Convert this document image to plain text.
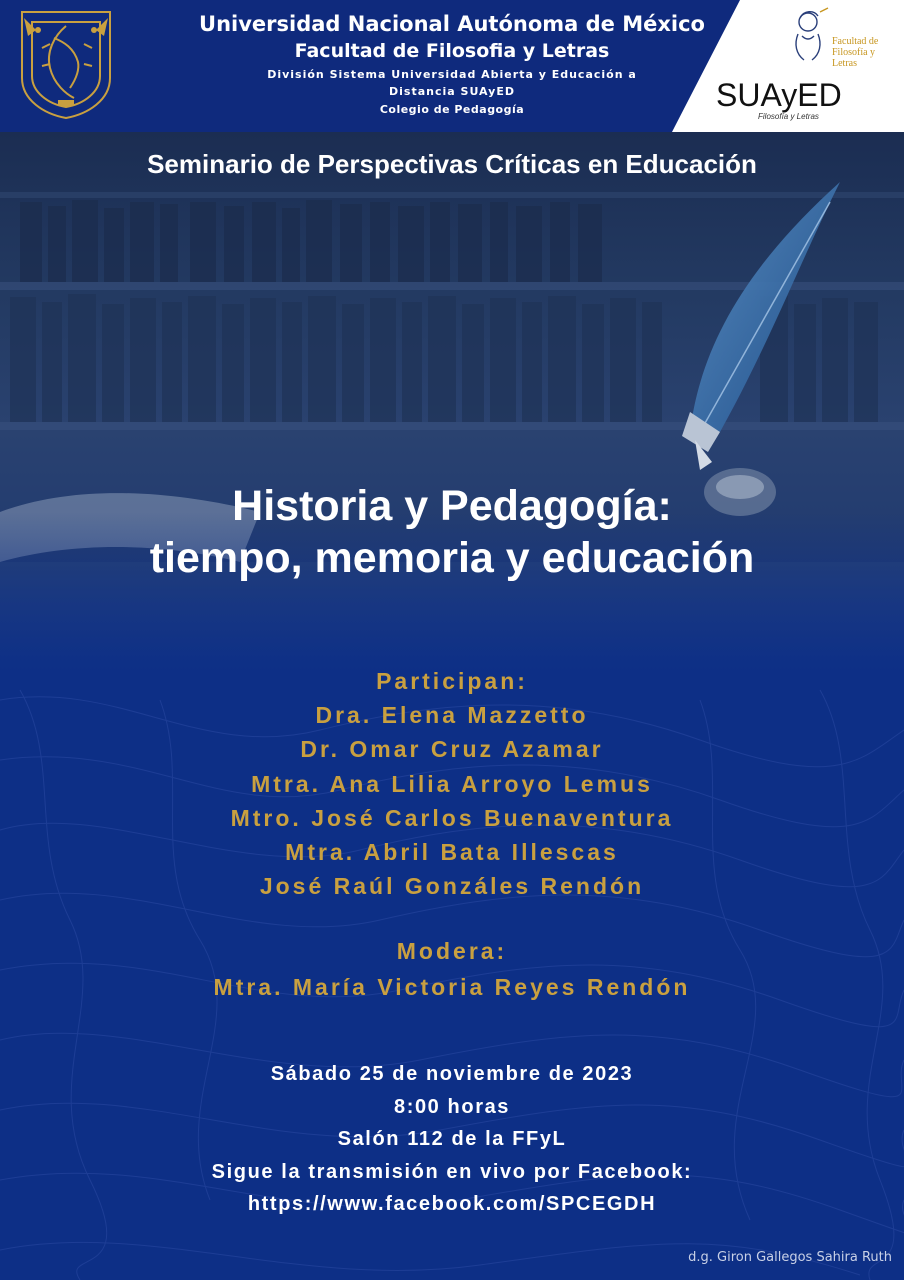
Universidad Nacional Autónoma de México
Facultad de Filosofia y Letras
División Sistema Universidad Abierta y Educación a Distancia SUAyED
Colegio de Pedagogía
Facultad de Filosofía y Letras
SUAyED
Filosofía y Letras
Seminario de Perspectivas Críticas en Educación
Historia y Pedagogía:
tiempo, memoria y educación
Participan:
Dra. Elena Mazzetto
Dr. Omar Cruz Azamar
Mtra. Ana Lilia Arroyo Lemus
Mtro. José Carlos Buenaventura
Mtra. Abril Bata Illescas
José Raúl Gonzáles Rendón
Modera:
Mtra. María Victoria Reyes Rendón
Sábado 25 de noviembre de 2023
8:00 horas
Salón 112 de la FFyL
Sigue la transmisión en vivo por Facebook:
https://www.facebook.com/SPCEGDH
d.g. Giron Gallegos Sahira Ruth
